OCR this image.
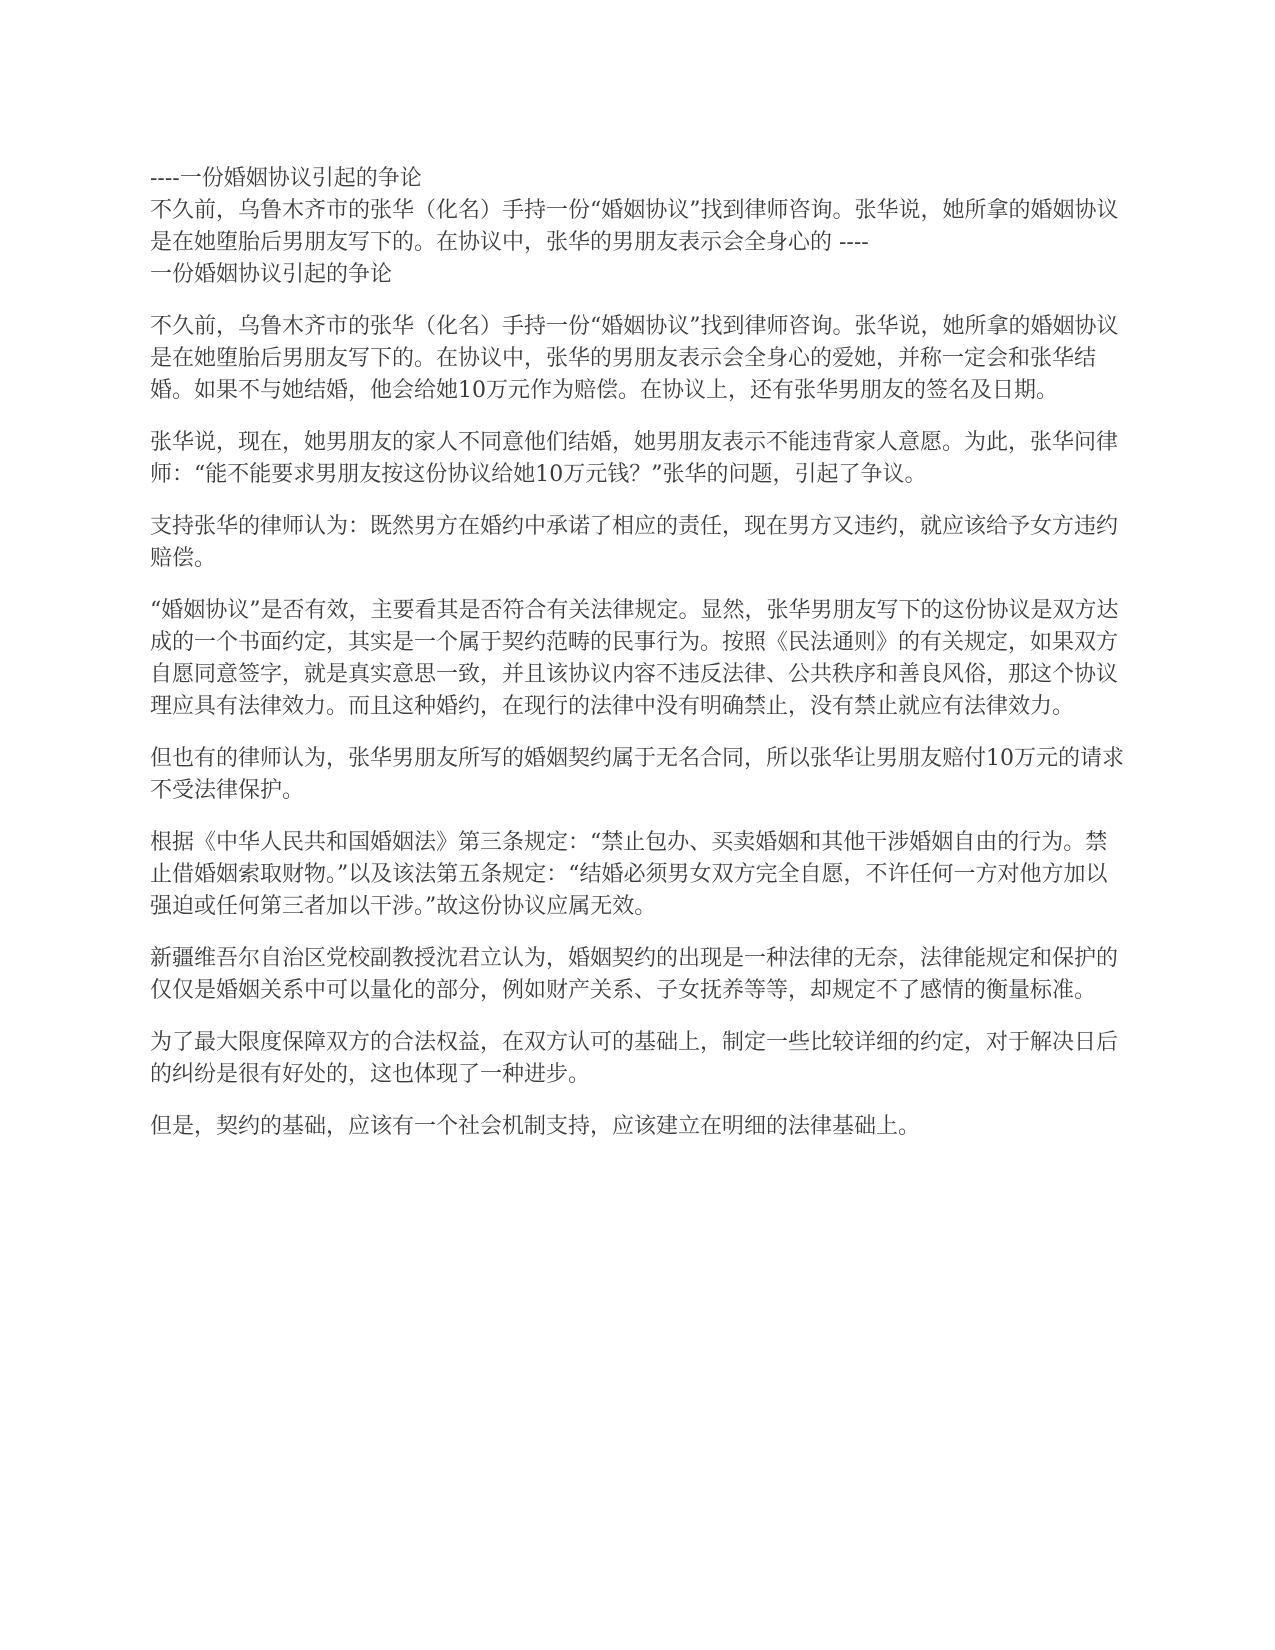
----一份婚姻协议引起的争论

不久前，乌鲁木齐市的张华（化名）手持一份“婚姻协议”找到律师咨询。张华说，她所拿的婚姻协议是在她堕胎后男朋友写下的。在协议中，张华的男朋友表示会全身心的 ----

一份婚姻协议引起的争论

不久前，乌鲁木齐市的张华（化名）手持一份“婚姻协议”找到律师咨询。张华说，她所拿的婚姻协议是在她堕胎后男朋友写下的。在协议中，张华的男朋友表示会全身心的爱她，并称一定会和张华结婚。如果不与她结婚，他会给她10万元作为赔偿。在协议上，还有张华男朋友的签名及日期。

张华说，现在，她男朋友的家人不同意他们结婚，她男朋友表示不能违背家人意愿。为此，张华问律师：“能不能要求男朋友按这份协议给她10万元钱？”张华的问题，引起了争议。

支持张华的律师认为：既然男方在婚约中承诺了相应的责任，现在男方又违约，就应该给予女方违约赔偿。

“婚姻协议”是否有效，主要看其是否符合有关法律规定。显然，张华男朋友写下的这份协议是双方达成的一个书面约定，其实是一个属于契约范畴的民事行为。按照《民法通则》的有关规定，如果双方自愿同意签字，就是真实意思一致，并且该协议内容不违反法律、公共秩序和善良风俗，那这个协议理应具有法律效力。而且这种婚约，在现行的法律中没有明确禁止，没有禁止就应有法律效力。

但也有的律师认为，张华男朋友所写的婚姻契约属于无名合同，所以张华让男朋友赔付10万元的请求不受法律保护。

根据《中华人民共和国婚姻法》第三条规定：“禁止包办、买卖婚姻和其他干涉婚姻自由的行为。禁止借婚姻索取财物。”以及该法第五条规定：“结婚必须男女双方完全自愿，不许任何一方对他方加以强迫或任何第三者加以干涉。”故这份协议应属无效。

新疆维吾尔自治区党校副教授沈君立认为，婚姻契约的出现是一种法律的无奈，法律能规定和保护的仅仅是婚姻关系中可以量化的部分，例如财产关系、子女抚养等等，却规定不了感情的衡量标准。

为了最大限度保障双方的合法权益，在双方认可的基础上，制定一些比较详细的约定，对于解决日后的纠纷是很有好处的，这也体现了一种进步。

但是，契约的基础，应该有一个社会机制支持，应该建立在明细的法律基础上。
